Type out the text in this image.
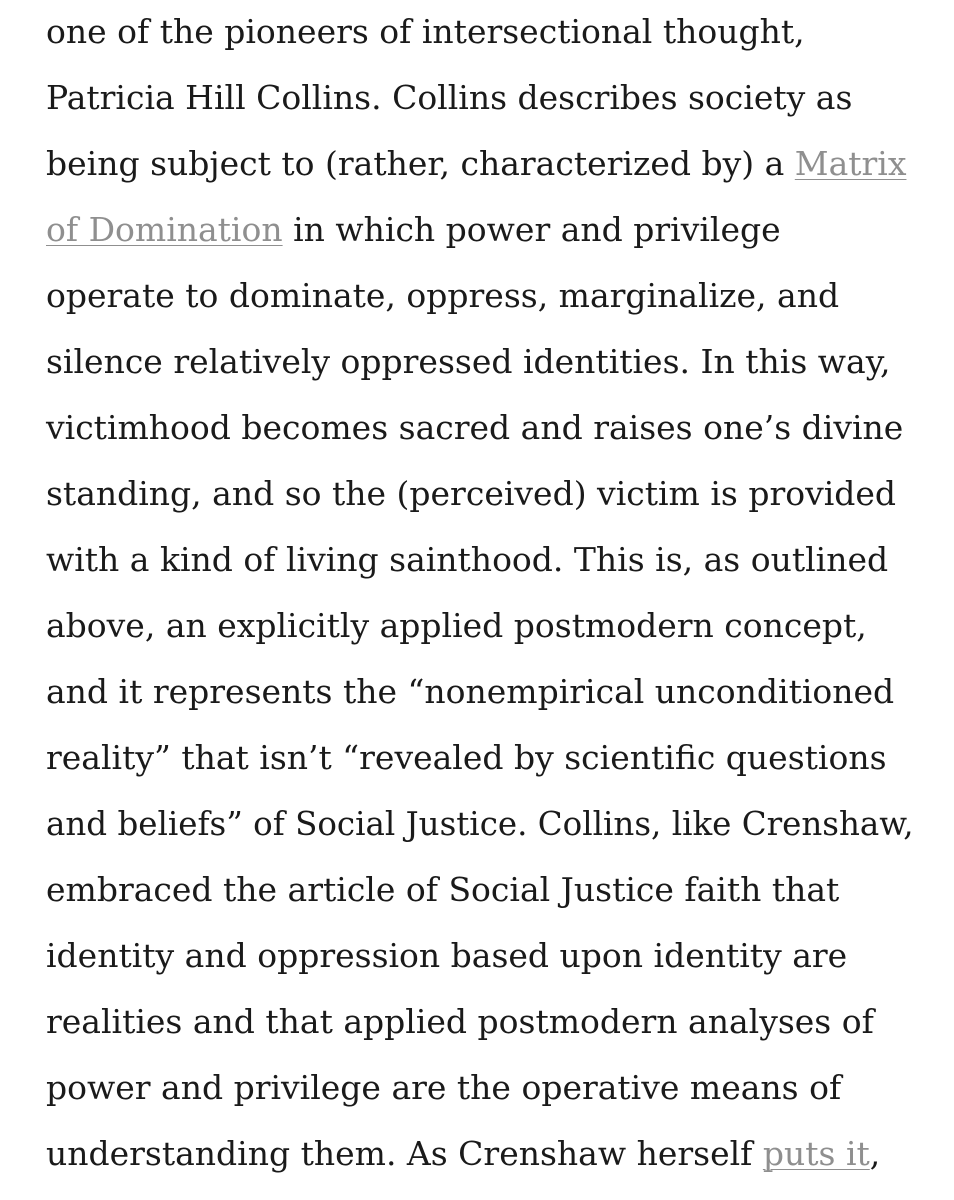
one of the pioneers of intersectional thought,
Patricia Hill Collins. Collins describes society as
being subject to (rather, characterized by) a Matrix
of Domination in which power and privilege
operate to dominate, oppress, marginalize, and
silence relatively oppressed identities. In this way,
victimhood becomes sacred and raises one’s divine
standing, and so the (perceived) victim is provided
with a kind of living sainthood. This is, as outlined
above, an explicitly applied postmodern concept,
and it represents the “nonempirical unconditioned
reality” that isn’t “revealed by scientific questions
and beliefs” of Social Justice. Collins, like Crenshaw,
embraced the article of Social Justice faith that
identity and oppression based upon identity are
realities and that applied postmodern analyses of
power and privilege are the operative means of
understanding them. As Crenshaw herself puts it,
